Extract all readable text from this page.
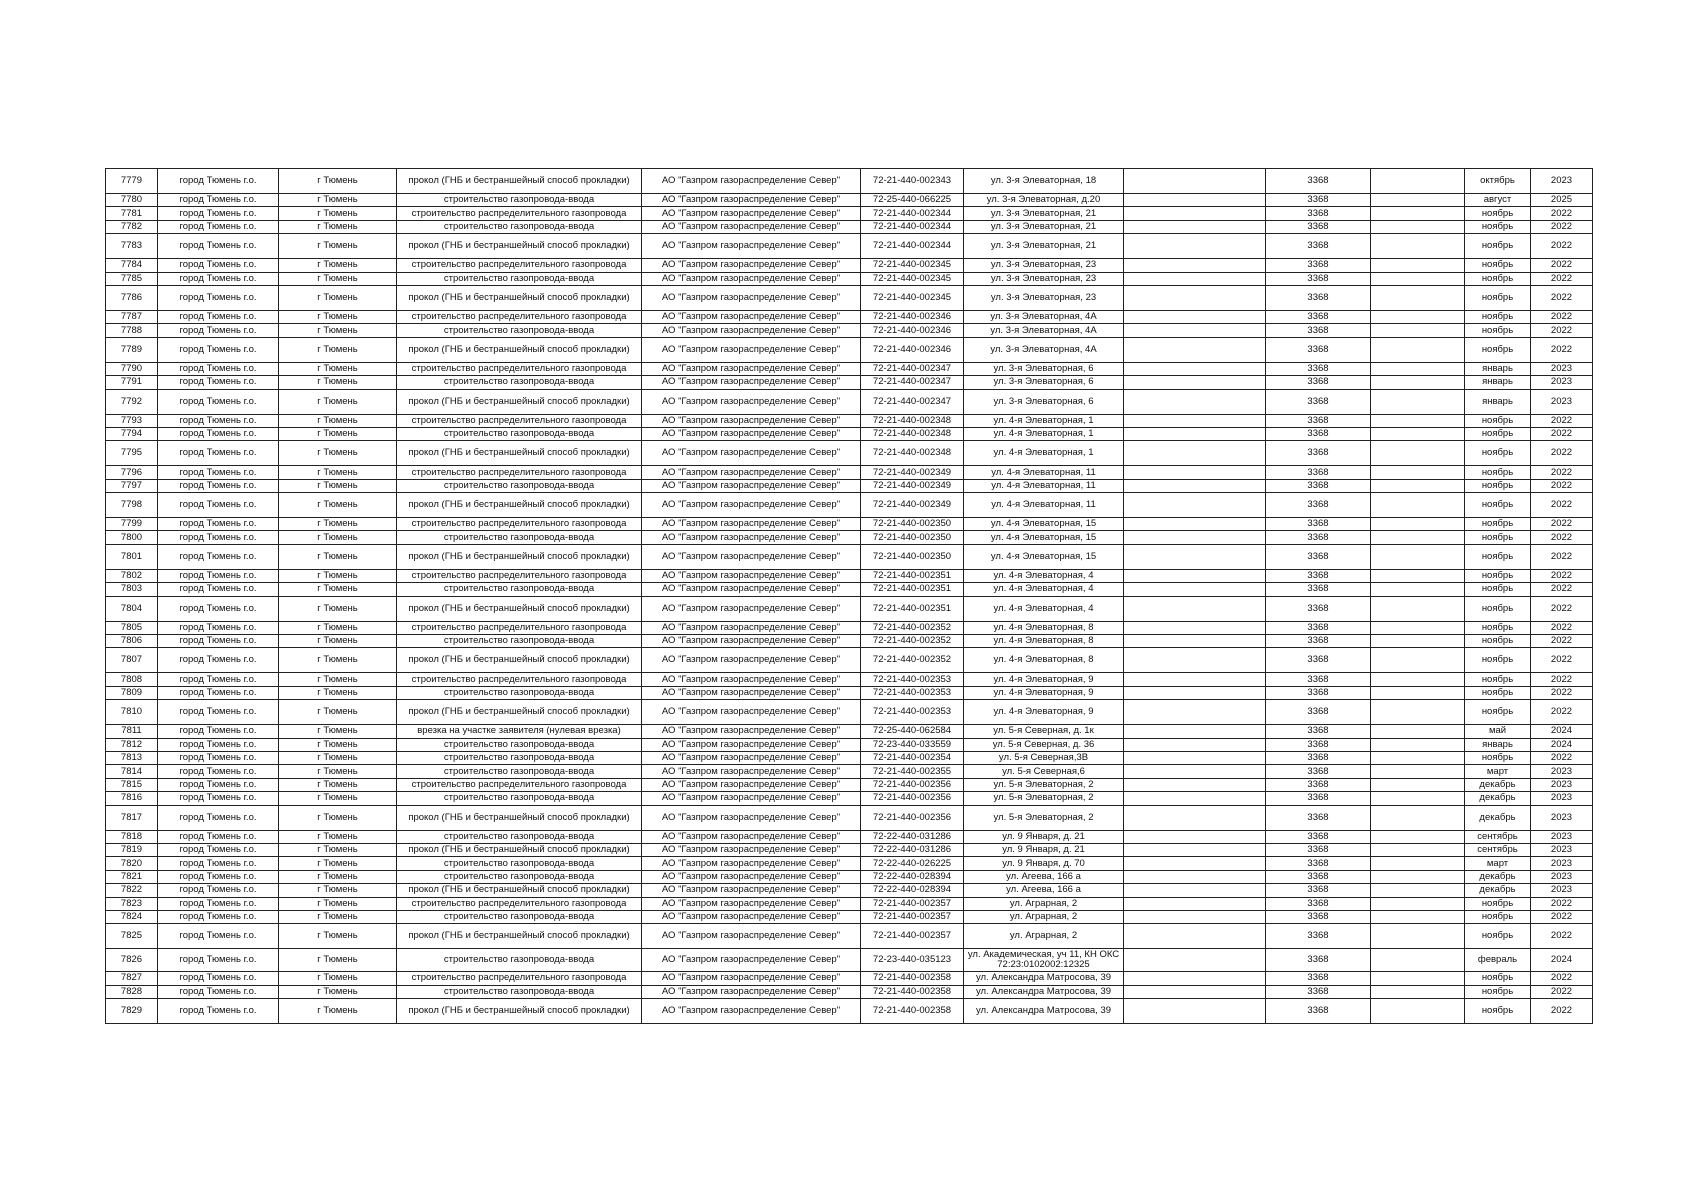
7779	город Тюмень г.о.	г Тюмень	прокол (ГНБ и бестраншейный способ прокладки)	АО "Газпром газораспределение Север"	72-21-440-002343	ул. 3-я Элеваторная, 18		3368		октябрь	2023
7780	город Тюмень г.о.	г Тюмень	строительство газопровода-ввода	АО "Газпром газораспределение Север"	72-25-440-066225	ул. 3-я Элеваторная, д.20		3368		август	2025
7781	город Тюмень г.о.	г Тюмень	строительство распределительного газопровода	АО "Газпром газораспределение Север"	72-21-440-002344	ул. 3-я Элеваторная, 21		3368		ноябрь	2022
7782	город Тюмень г.о.	г Тюмень	строительство газопровода-ввода	АО "Газпром газораспределение Север"	72-21-440-002344	ул. 3-я Элеваторная, 21		3368		ноябрь	2022
7783	город Тюмень г.о.	г Тюмень	прокол (ГНБ и бестраншейный способ прокладки)	АО "Газпром газораспределение Север"	72-21-440-002344	ул. 3-я Элеваторная, 21		3368		ноябрь	2022
7784	город Тюмень г.о.	г Тюмень	строительство распределительного газопровода	АО "Газпром газораспределение Север"	72-21-440-002345	ул. 3-я Элеваторная, 23		3368		ноябрь	2022
7785	город Тюмень г.о.	г Тюмень	строительство газопровода-ввода	АО "Газпром газораспределение Север"	72-21-440-002345	ул. 3-я Элеваторная, 23		3368		ноябрь	2022
7786	город Тюмень г.о.	г Тюмень	прокол (ГНБ и бестраншейный способ прокладки)	АО "Газпром газораспределение Север"	72-21-440-002345	ул. 3-я Элеваторная, 23		3368		ноябрь	2022
7787	город Тюмень г.о.	г Тюмень	строительство распределительного газопровода	АО "Газпром газораспределение Север"	72-21-440-002346	ул. 3-я Элеваторная, 4А		3368		ноябрь	2022
7788	город Тюмень г.о.	г Тюмень	строительство газопровода-ввода	АО "Газпром газораспределение Север"	72-21-440-002346	ул. 3-я Элеваторная, 4А		3368		ноябрь	2022
7789	город Тюмень г.о.	г Тюмень	прокол (ГНБ и бестраншейный способ прокладки)	АО "Газпром газораспределение Север"	72-21-440-002346	ул. 3-я Элеваторная, 4А		3368		ноябрь	2022
7790	город Тюмень г.о.	г Тюмень	строительство распределительного газопровода	АО "Газпром газораспределение Север"	72-21-440-002347	ул. 3-я Элеваторная, 6		3368		январь	2023
7791	город Тюмень г.о.	г Тюмень	строительство газопровода-ввода	АО "Газпром газораспределение Север"	72-21-440-002347	ул. 3-я Элеваторная, 6		3368		январь	2023
7792	город Тюмень г.о.	г Тюмень	прокол (ГНБ и бестраншейный способ прокладки)	АО "Газпром газораспределение Север"	72-21-440-002347	ул. 3-я Элеваторная, 6		3368		январь	2023
7793	город Тюмень г.о.	г Тюмень	строительство распределительного газопровода	АО "Газпром газораспределение Север"	72-21-440-002348	ул. 4-я Элеваторная, 1		3368		ноябрь	2022
7794	город Тюмень г.о.	г Тюмень	строительство газопровода-ввода	АО "Газпром газораспределение Север"	72-21-440-002348	ул. 4-я Элеваторная, 1		3368		ноябрь	2022
7795	город Тюмень г.о.	г Тюмень	прокол (ГНБ и бестраншейный способ прокладки)	АО "Газпром газораспределение Север"	72-21-440-002348	ул. 4-я Элеваторная, 1		3368		ноябрь	2022
7796	город Тюмень г.о.	г Тюмень	строительство распределительного газопровода	АО "Газпром газораспределение Север"	72-21-440-002349	ул. 4-я Элеваторная, 11		3368		ноябрь	2022
7797	город Тюмень г.о.	г Тюмень	строительство газопровода-ввода	АО "Газпром газораспределение Север"	72-21-440-002349	ул. 4-я Элеваторная, 11		3368		ноябрь	2022
7798	город Тюмень г.о.	г Тюмень	прокол (ГНБ и бестраншейный способ прокладки)	АО "Газпром газораспределение Север"	72-21-440-002349	ул. 4-я Элеваторная, 11		3368		ноябрь	2022
7799	город Тюмень г.о.	г Тюмень	строительство распределительного газопровода	АО "Газпром газораспределение Север"	72-21-440-002350	ул. 4-я Элеваторная, 15		3368		ноябрь	2022
7800	город Тюмень г.о.	г Тюмень	строительство газопровода-ввода	АО "Газпром газораспределение Север"	72-21-440-002350	ул. 4-я Элеваторная, 15		3368		ноябрь	2022
7801	город Тюмень г.о.	г Тюмень	прокол (ГНБ и бестраншейный способ прокладки)	АО "Газпром газораспределение Север"	72-21-440-002350	ул. 4-я Элеваторная, 15		3368		ноябрь	2022
7802	город Тюмень г.о.	г Тюмень	строительство распределительного газопровода	АО "Газпром газораспределение Север"	72-21-440-002351	ул. 4-я Элеваторная, 4		3368		ноябрь	2022
7803	город Тюмень г.о.	г Тюмень	строительство газопровода-ввода	АО "Газпром газораспределение Север"	72-21-440-002351	ул. 4-я Элеваторная, 4		3368		ноябрь	2022
7804	город Тюмень г.о.	г Тюмень	прокол (ГНБ и бестраншейный способ прокладки)	АО "Газпром газораспределение Север"	72-21-440-002351	ул. 4-я Элеваторная, 4		3368		ноябрь	2022
7805	город Тюмень г.о.	г Тюмень	строительство распределительного газопровода	АО "Газпром газораспределение Север"	72-21-440-002352	ул. 4-я Элеваторная, 8		3368		ноябрь	2022
7806	город Тюмень г.о.	г Тюмень	строительство газопровода-ввода	АО "Газпром газораспределение Север"	72-21-440-002352	ул. 4-я Элеваторная, 8		3368		ноябрь	2022
7807	город Тюмень г.о.	г Тюмень	прокол (ГНБ и бестраншейный способ прокладки)	АО "Газпром газораспределение Север"	72-21-440-002352	ул. 4-я Элеваторная, 8		3368		ноябрь	2022
7808	город Тюмень г.о.	г Тюмень	строительство распределительного газопровода	АО "Газпром газораспределение Север"	72-21-440-002353	ул. 4-я Элеваторная, 9		3368		ноябрь	2022
7809	город Тюмень г.о.	г Тюмень	строительство газопровода-ввода	АО "Газпром газораспределение Север"	72-21-440-002353	ул. 4-я Элеваторная, 9		3368		ноябрь	2022
7810	город Тюмень г.о.	г Тюмень	прокол (ГНБ и бестраншейный способ прокладки)	АО "Газпром газораспределение Север"	72-21-440-002353	ул. 4-я Элеваторная, 9		3368		ноябрь	2022
7811	город Тюмень г.о.	г Тюмень	врезка на участке заявителя (нулевая врезка)	АО "Газпром газораспределение Север"	72-25-440-062584	ул. 5-я Северная, д. 1к		3368		май	2024
7812	город Тюмень г.о.	г Тюмень	строительство газопровода-ввода	АО "Газпром газораспределение Север"	72-23-440-033559	ул. 5-я Северная, д. 36		3368		январь	2024
7813	город Тюмень г.о.	г Тюмень	строительство газопровода-ввода	АО "Газпром газораспределение Север"	72-21-440-002354	ул. 5-я Северная,3В		3368		ноябрь	2022
7814	город Тюмень г.о.	г Тюмень	строительство газопровода-ввода	АО "Газпром газораспределение Север"	72-21-440-002355	ул. 5-я Северная,6		3368		март	2023
7815	город Тюмень г.о.	г Тюмень	строительство распределительного газопровода	АО "Газпром газораспределение Север"	72-21-440-002356	ул. 5-я Элеваторная, 2		3368		декабрь	2023
7816	город Тюмень г.о.	г Тюмень	строительство газопровода-ввода	АО "Газпром газораспределение Север"	72-21-440-002356	ул. 5-я Элеваторная, 2		3368		декабрь	2023
7817	город Тюмень г.о.	г Тюмень	прокол (ГНБ и бестраншейный способ прокладки)	АО "Газпром газораспределение Север"	72-21-440-002356	ул. 5-я Элеваторная, 2		3368		декабрь	2023
7818	город Тюмень г.о.	г Тюмень	строительство газопровода-ввода	АО "Газпром газораспределение Север"	72-22-440-031286	ул. 9 Января, д. 21		3368		сентябрь	2023
7819	город Тюмень г.о.	г Тюмень	прокол (ГНБ и бестраншейный способ прокладки)	АО "Газпром газораспределение Север"	72-22-440-031286	ул. 9 Января, д. 21		3368		сентябрь	2023
7820	город Тюмень г.о.	г Тюмень	строительство газопровода-ввода	АО "Газпром газораспределение Север"	72-22-440-026225	ул. 9 Января, д. 70		3368		март	2023
7821	город Тюмень г.о.	г Тюмень	строительство газопровода-ввода	АО "Газпром газораспределение Север"	72-22-440-028394	ул. Агеева, 166 а		3368		декабрь	2023
7822	город Тюмень г.о.	г Тюмень	прокол (ГНБ и бестраншейный способ прокладки)	АО "Газпром газораспределение Север"	72-22-440-028394	ул. Агеева, 166 а		3368		декабрь	2023
7823	город Тюмень г.о.	г Тюмень	строительство распределительного газопровода	АО "Газпром газораспределение Север"	72-21-440-002357	ул. Аграрная, 2		3368		ноябрь	2022
7824	город Тюмень г.о.	г Тюмень	строительство газопровода-ввода	АО "Газпром газораспределение Север"	72-21-440-002357	ул. Аграрная, 2		3368		ноябрь	2022
7825	город Тюмень г.о.	г Тюмень	прокол (ГНБ и бестраншейный способ прокладки)	АО "Газпром газораспределение Север"	72-21-440-002357	ул. Аграрная, 2		3368		ноябрь	2022
7826	город Тюмень г.о.	г Тюмень	строительство газопровода-ввода	АО "Газпром газораспределение Север"	72-23-440-035123	ул. Академическая, уч 11, КН ОКС 72:23:0102002:12325		3368		февраль	2024
7827	город Тюмень г.о.	г Тюмень	строительство распределительного газопровода	АО "Газпром газораспределение Север"	72-21-440-002358	ул. Александра Матросова, 39		3368		ноябрь	2022
7828	город Тюмень г.о.	г Тюмень	строительство газопровода-ввода	АО "Газпром газораспределение Север"	72-21-440-002358	ул. Александра Матросова, 39		3368		ноябрь	2022
7829	город Тюмень г.о.	г Тюмень	прокол (ГНБ и бестраншейный способ прокладки)	АО "Газпром газораспределение Север"	72-21-440-002358	ул. Александра Матросова, 39		3368		ноябрь	2022
